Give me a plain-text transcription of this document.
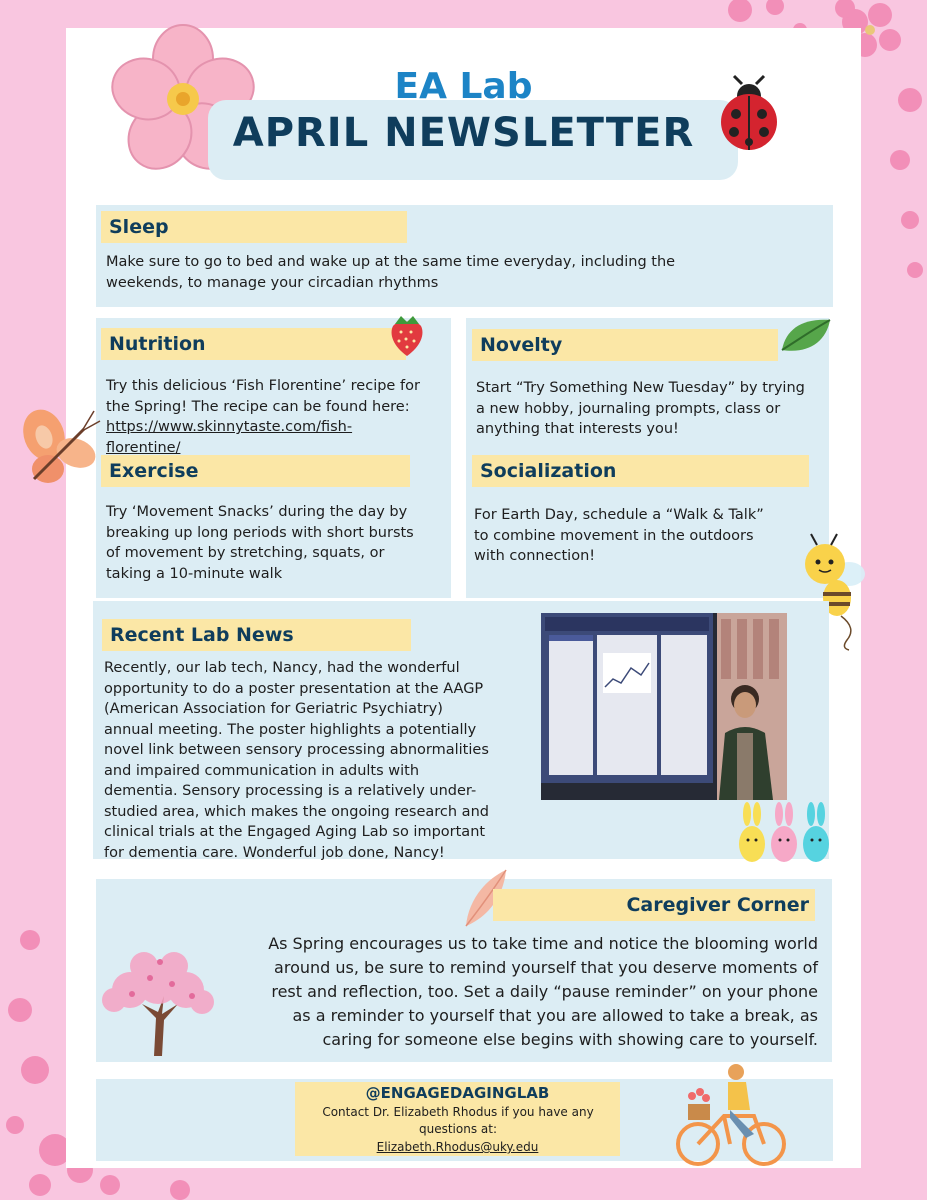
EA Lab
APRIL NEWSLETTER
Sleep
Make sure to go to bed and wake up at the same time everyday, including the weekends, to manage your circadian rhythms
Nutrition
Try this delicious ‘Fish Florentine’ recipe for the Spring! The recipe can be found here: https://www.skinnytaste.com/fish-florentine/
Exercise
Try ‘Movement Snacks’ during the day by breaking up long periods with short bursts of movement by stretching, squats, or taking a 10-minute walk
Novelty
Start “Try Something New Tuesday” by trying a new hobby, journaling prompts, class or anything that interests you!
Socialization
For Earth Day, schedule a “Walk & Talk” to combine movement in the outdoors with connection!
Recent Lab News
Recently, our lab tech, Nancy, had the wonderful opportunity to do a poster presentation at the AAGP (American Association for Geriatric Psychiatry) annual meeting. The poster highlights a potentially novel link between sensory processing abnormalities and impaired communication in adults with dementia. Sensory processing is a relatively under-studied area, which makes the ongoing research and clinical trials at the Engaged Aging Lab so important for dementia care. Wonderful job done, Nancy!
Caregiver Corner
As Spring encourages us to take time and notice the blooming world around us, be sure to remind yourself that you deserve moments of rest and reflection, too. Set a daily “pause reminder” on your phone as a reminder to yourself that you are allowed to take a break, as caring for someone else begins with showing care to yourself.
@ENGAGEDAGINGLAB
Contact Dr. Elizabeth Rhodus if you have any questions at:
Elizabeth.Rhodus@uky.edu
